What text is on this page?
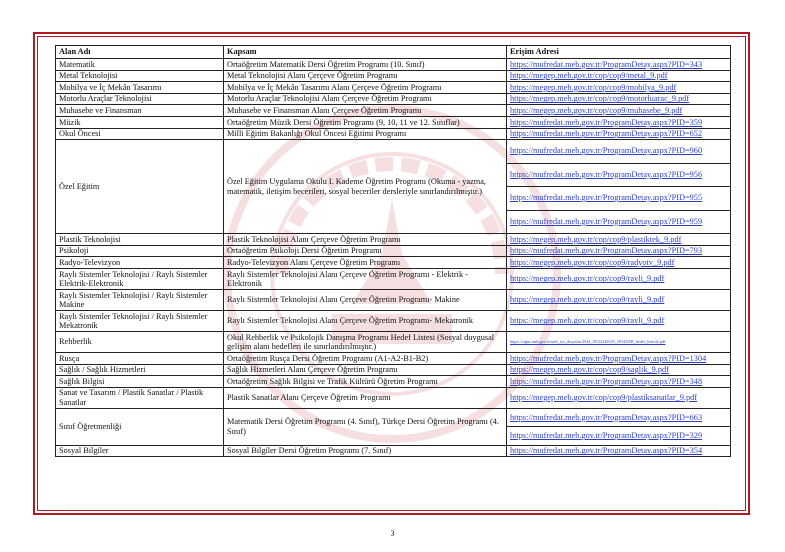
Alan Adı	Kapsam	Erişim Adresi
Matematik	Ortaöğretim Matematik Dersi Öğretim Programı (10. Sınıf)	https://mufredat.meb.gov.tr/ProgramDetay.aspx?PID=343
Metal Teknolojisi	Metal Teknolojisi Alanı Çerçeve Öğretim Programı	https://megep.meb.gov.tr/cop/cop9/metal_9.pdf
Mobilya ve İç Mekân Tasarımı	Mobilya ve İç Mekân Tasarımı Alanı Çerçeve Öğretim Programı	https://megep.meb.gov.tr/cop/cop9/mobilya_9.pdf
Motorlu Araçlar Teknolojisi	Motorlu Araçlar Teknolojisi Alanı Çerçeve Öğretim Programı	https://megep.meb.gov.tr/cop/cop9/motorluarac_9.pdf
Muhasebe ve Finansman	Muhasebe ve Finansman Alanı Çerçeve Öğretim Programı	https://megep.meb.gov.tr/cop/cop9/muhasebe_9.pdf
Müzik	Ortaöğretim Müzik Dersi Öğretim Programı (9, 10, 11 ve 12. Sınıflar)	https://mufredat.meb.gov.tr/ProgramDetay.aspx?PID=359
Okul Öncesi	Milli Eğitim Bakanlığı Okul Öncesi Eğitimi Programı	https://mufredat.meb.gov.tr/ProgramDetay.aspx?PID=652
Özel Eğitim	Özel Eğitim Uygulama Okulu I. Kademe Öğretim Programı (Okuma - yazma, matematik, iletişim becerileri, sosyal beceriler dersleriyle sınırlandırılmıştır.)	https://mufredat.meb.gov.tr/ProgramDetay.aspx?PID=960
https://mufredat.meb.gov.tr/ProgramDetay.aspx?PID=956
https://mufredat.meb.gov.tr/ProgramDetay.aspx?PID=955
https://mufredat.meb.gov.tr/ProgramDetay.aspx?PID=959

Plastik Teknolojisi	Plastik Teknolojisi Alanı Çerçeve Öğretim Programı	https://megep.meb.gov.tr/cop/cop9/plastiktek_9.pdf
Psikoloji	Ortaöğretim Psikoloji Dersi Öğretim Programı	https://mufredat.meb.gov.tr/ProgramDetay.aspx?PID=793
Radyo-Televizyon	Radyo-Televizyon Alanı Çerçeve Öğretim Programı	https://megep.meb.gov.tr/cop/cop9/radyotv_9.pdf
Raylı Sistemler Teknolojisi / Raylı Sistemler Elektrik-Elektronik	Raylı Sistemler Teknolojisi Alanı Çerçeve Öğretim Programı - Elektrik - Elektronik	https://megep.meb.gov.tr/cop/cop9/rayli_9.pdf
Raylı Sistemler Teknolojisi / Raylı Sistemler Makine	Raylı Sistemler Teknolojisi Alanı Çerçeve Öğretim Programı- Makine	https://megep.meb.gov.tr/cop/cop9/rayli_9.pdf
Raylı Sistemler Teknolojisi / Raylı Sistemler Mekatronik	Raylı Sistemler Teknolojisi Alanı Çerçeve Öğretim Programı- Mekatronik	https://megep.meb.gov.tr/cop/cop9/rayli_9.pdf
Rehberlik	Okul Rehberlik ve Psikolojik Danışma Programı Hedef Listesi (Sosyal duygusal gelişim alanı hedefleri ile sınırlandırılmıştır.)	https://orgm.meb.gov.tr/meb_iys_dosyalar/2024_05/22220529_29143308_hedef_listesi2.pdf
Rusça	Ortaöğretim Rusça Dersi Öğretim Programı (A1-A2-B1-B2)	https://mufredat.meb.gov.tr/ProgramDetay.aspx?PID=1304
Sağlık / Sağlık Hizmetleri	Sağlık Hizmetleri Alanı Çerçeve Öğretim Programı	https://megep.meb.gov.tr/cop/cop9/saglik_9.pdf
Sağlık Bilgisi	Ortaöğretim Sağlık Bilgisi ve Trafik Kültürü Öğretim Programı	https://mufredat.meb.gov.tr/ProgramDetay.aspx?PID=348
Sanat ve Tasarım / Plastik Sanatlar / Plastik Sanatlar	Plastik Sanatlar Alanı Çerçeve Öğretim Programı	https://megep.meb.gov.tr/cop/cop9/plastiksanatlar_9.pdf
Sınıf Öğretmenliği	Matematik Dersi Öğretim Programı (4. Sınıf), Türkçe Dersi Öğretim Programı (4. Sınıf)	https://mufredat.meb.gov.tr/ProgramDetay.aspx?PID=663
https://mufredat.meb.gov.tr/ProgramDetay.aspx?PID=329

Sosyal Bilgiler	Sosyal Bilgiler Dersi Öğretim Programı (7. Sınıf)	https://mufredat.meb.gov.tr/ProgramDetay.aspx?PID=354
3
